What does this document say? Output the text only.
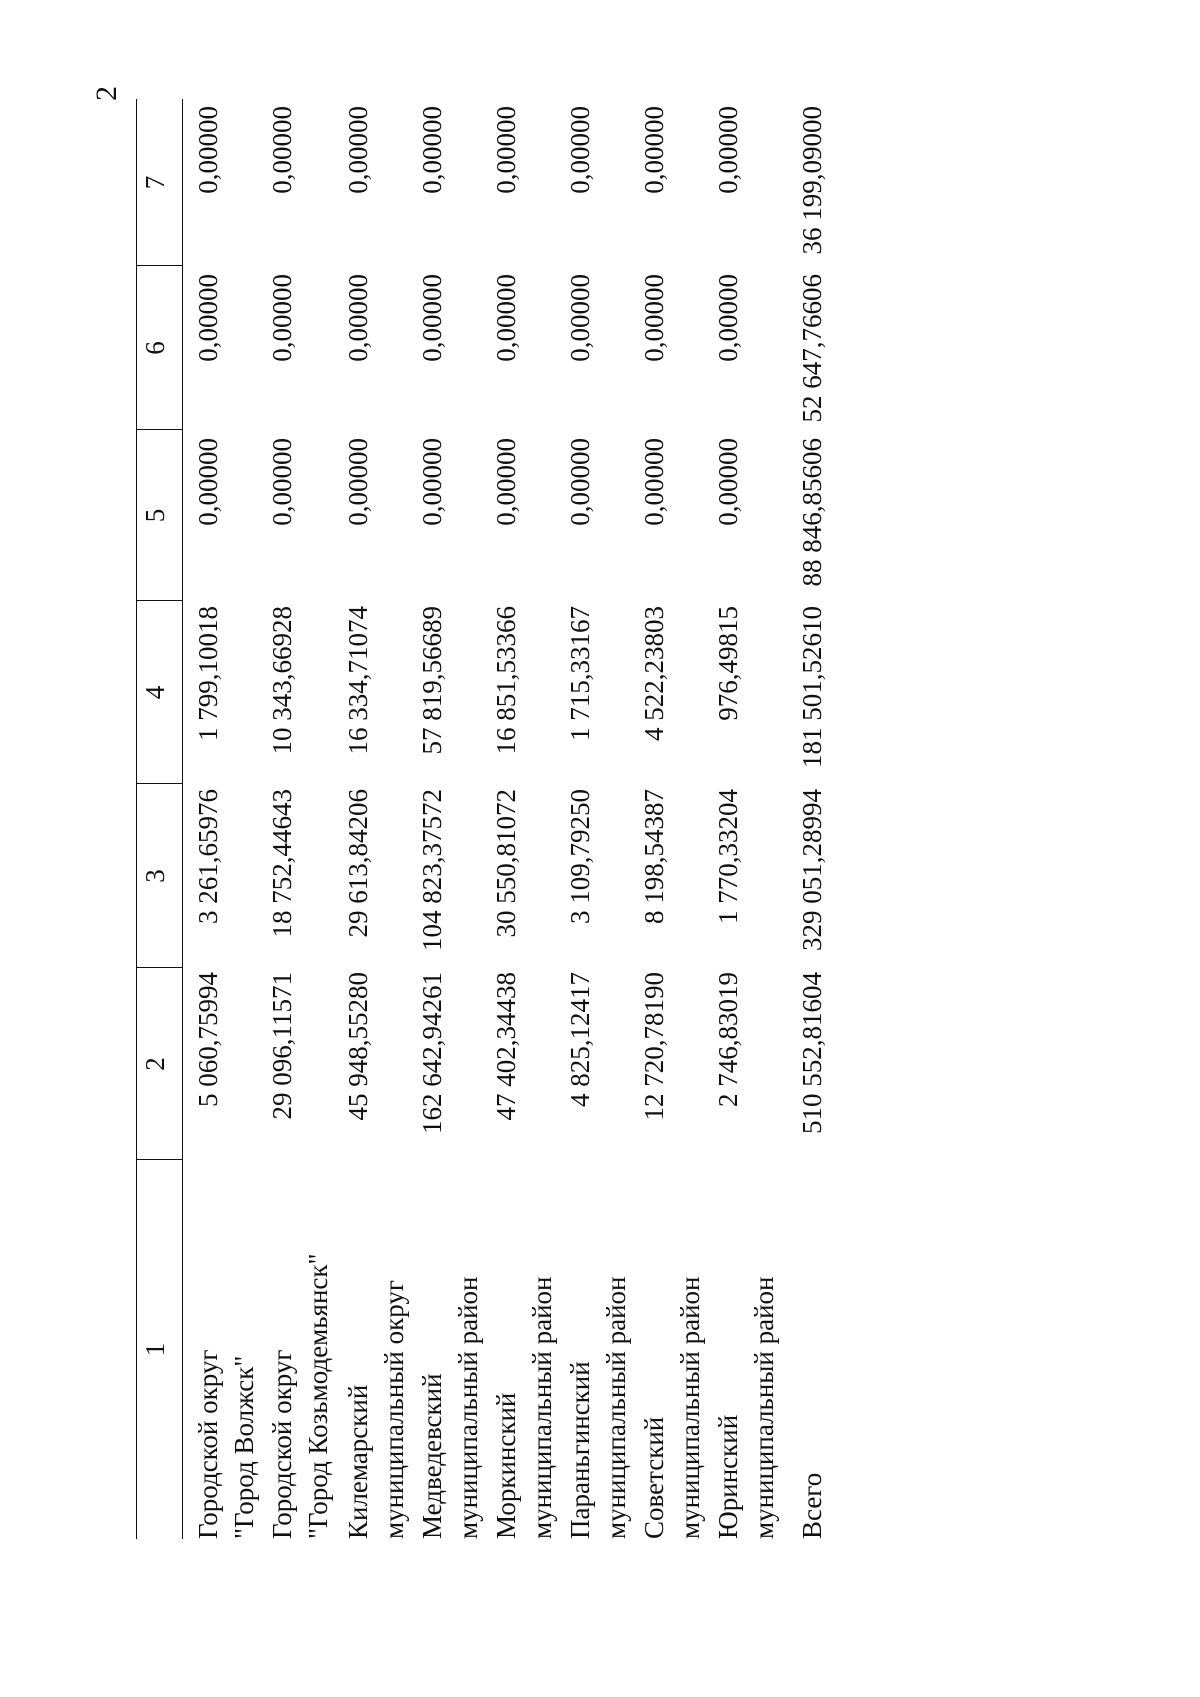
2
1
2
3
4
5
6
7
Городской округ "Город Волжск"
5 060,75994
3 261,65976
1 799,10018
0,00000
0,00000
0,00000
Городской округ "Город Козьмодемьянск"
29 096,11571
18 752,44643
10 343,66928
0,00000
0,00000
0,00000
Килемарский муниципальный округ
45 948,55280
29 613,84206
16 334,71074
0,00000
0,00000
0,00000
Медведевский муниципальный район
162 642,94261
104 823,37572
57 819,56689
0,00000
0,00000
0,00000
Моркинский муниципальный район
47 402,34438
30 550,81072
16 851,53366
0,00000
0,00000
0,00000
Параньгинский муниципальный район
4 825,12417
3 109,79250
1 715,33167
0,00000
0,00000
0,00000
Советский муниципальный район
12 720,78190
8 198,54387
4 522,23803
0,00000
0,00000
0,00000
Юринский муниципальный район
2 746,83019
1 770,33204
976,49815
0,00000
0,00000
0,00000
Всего
510 552,81604
329 051,28994
181 501,52610
88 846,85606
52 647,76606
36 199,09000
